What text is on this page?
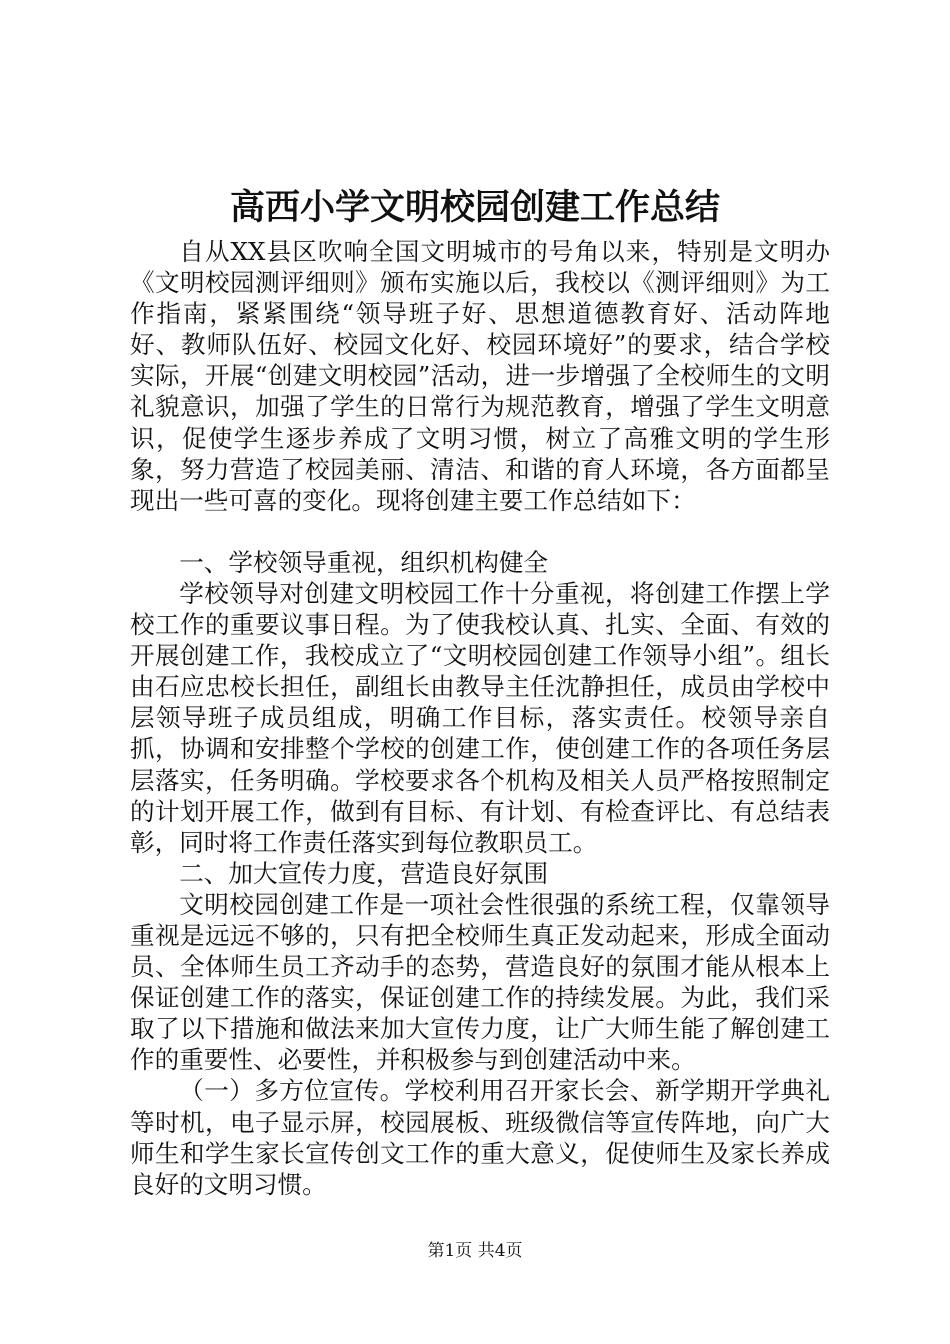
高西小学文明校园创建工作总结

自从XX县区吹响全国文明城市的号角以来，特别是文明办《文明校园测评细则》颁布实施以后，我校以《测评细则》为工作指南，紧紧围绕“领导班子好、思想道德教育好、活动阵地好、教师队伍好、校园文化好、校园环境好”的要求，结合学校实际，开展“创建文明校园”活动，进一步增强了全校师生的文明礼貌意识，加强了学生的日常行为规范教育，增强了学生文明意识，促使学生逐步养成了文明习惯，树立了高雅文明的学生形象，努力营造了校园美丽、清洁、和谐的育人环境，各方面都呈现出一些可喜的变化。现将创建主要工作总结如下：

一、学校领导重视，组织机构健全

学校领导对创建文明校园工作十分重视，将创建工作摆上学校工作的重要议事日程。为了使我校认真、扎实、全面、有效的开展创建工作，我校成立了“文明校园创建工作领导小组”。组长由石应忠校长担任，副组长由教导主任沈静担任，成员由学校中层领导班子成员组成，明确工作目标，落实责任。校领导亲自抓，协调和安排整个学校的创建工作，使创建工作的各项任务层层落实，任务明确。学校要求各个机构及相关人员严格按照制定的计划开展工作，做到有目标、有计划、有检查评比、有总结表彰，同时将工作责任落实到每位教职员工。

二、加大宣传力度，营造良好氛围

文明校园创建工作是一项社会性很强的系统工程，仅靠领导重视是远远不够的，只有把全校师生真正发动起来，形成全面动员、全体师生员工齐动手的态势，营造良好的氛围才能从根本上保证创建工作的落实，保证创建工作的持续发展。为此，我们采取了以下措施和做法来加大宣传力度，让广大师生能了解创建工作的重要性、必要性，并积极参与到创建活动中来。

（一）多方位宣传。学校利用召开家长会、新学期开学典礼等时机，电子显示屏，校园展板、班级微信等宣传阵地，向广大师生和学生家长宣传创文工作的重大意义，促使师生及家长养成良好的文明习惯。

第1页 共4页
